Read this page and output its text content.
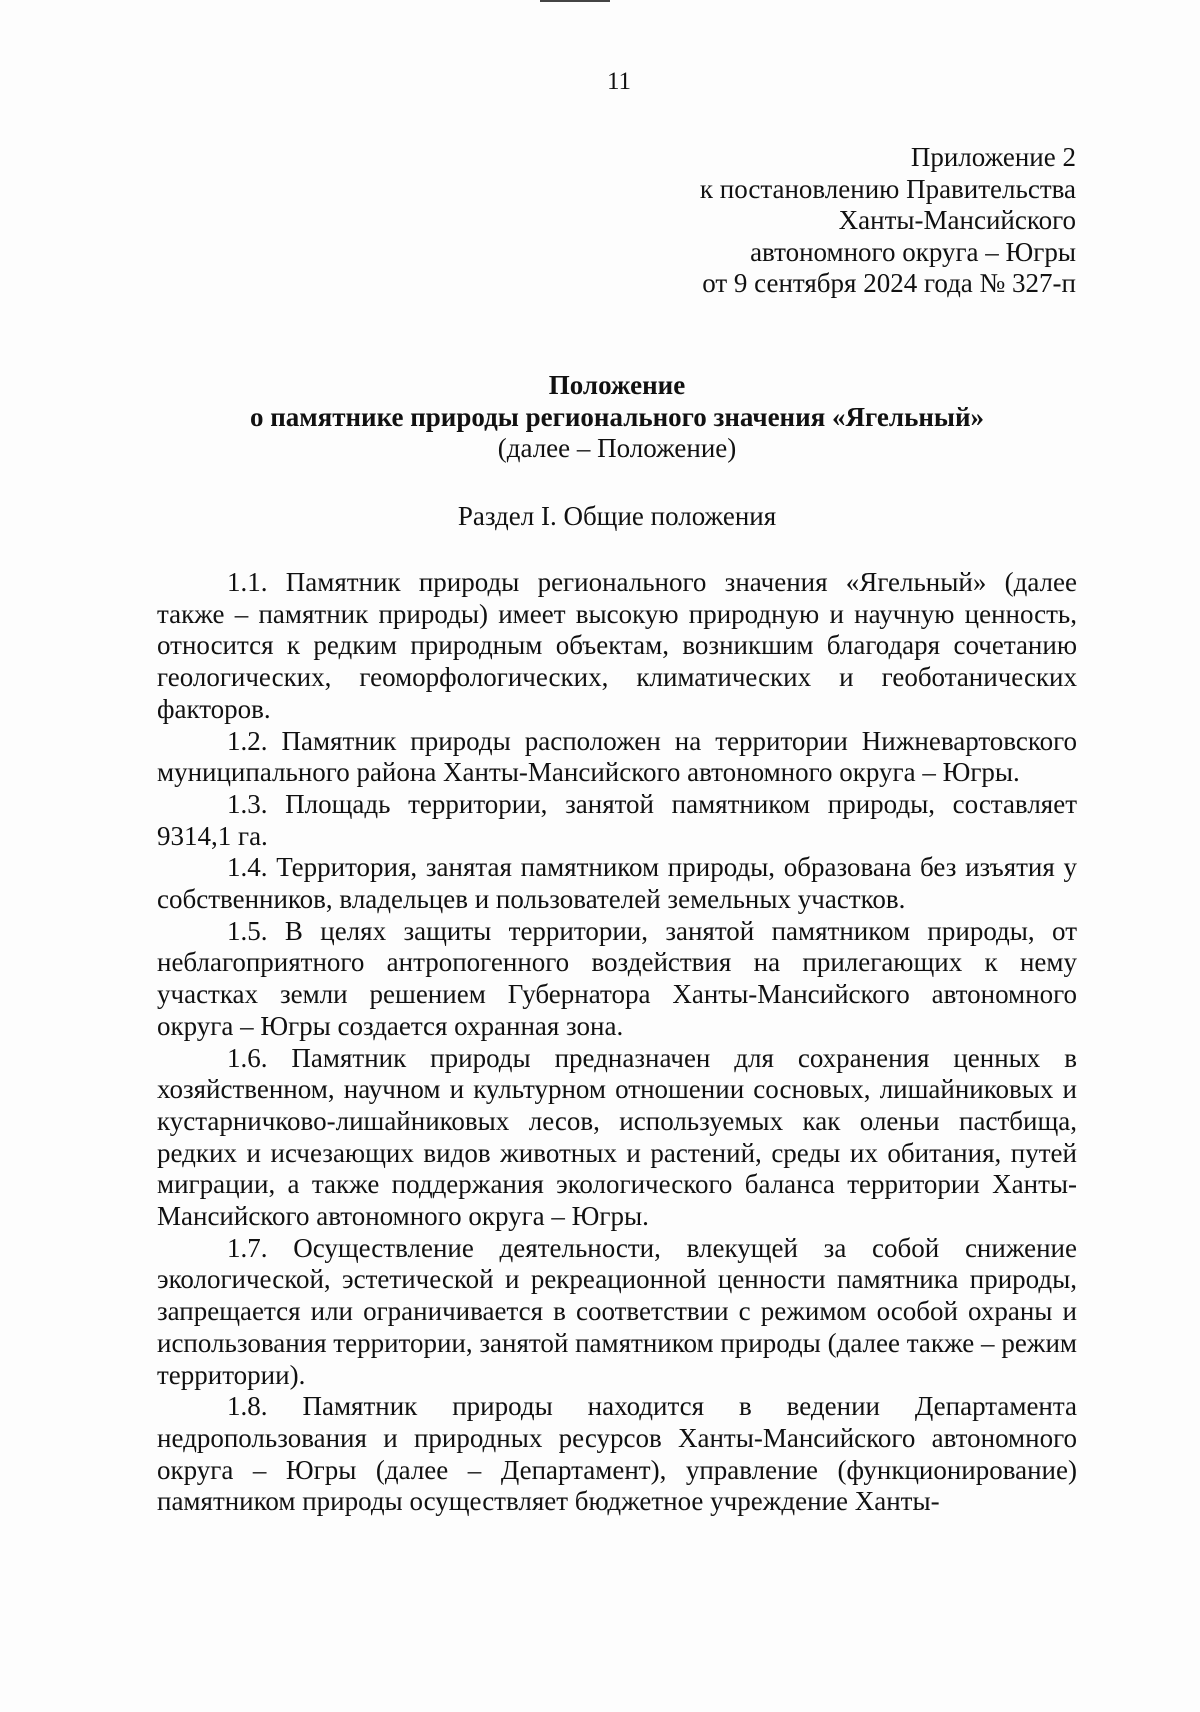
11
Приложение 2
к постановлению Правительства
Ханты-Мансийского
автономного округа – Югры
от 9 сентября 2024 года № 327-п
Положение
о памятнике природы регионального значения «Ягельный»
(далее – Положение)
Раздел I. Общие положения

1.1. Памятник природы регионального значения «Ягельный» (далее также – памятник природы) имеет высокую природную и научную ценность, относится к редким природным объектам, возникшим благодаря сочетанию геологических, геоморфологических, климатических и геоботанических факторов.

1.2. Памятник природы расположен на территории Нижневартовского муниципального района Ханты-Мансийского автономного округа – Югры.

1.3. Площадь территории, занятой памятником природы, составляет 9314,1 га.

1.4. Территория, занятая памятником природы, образована без изъятия у собственников, владельцев и пользователей земельных участков.

1.5. В целях защиты территории, занятой памятником природы, от неблагоприятного антропогенного воздействия на прилегающих к нему участках земли решением Губернатора Ханты-Мансийского автономного округа – Югры создается охранная зона.

1.6. Памятник природы предназначен для сохранения ценных в хозяйственном, научном и культурном отношении сосновых, лишайниковых и кустарничково-лишайниковых лесов, используемых как оленьи пастбища, редких и исчезающих видов животных и растений, среды их обитания, путей миграции, а также поддержания экологического баланса территории Ханты-Мансийского автономного округа – Югры.

1.7. Осуществление деятельности, влекущей за собой снижение экологической, эстетической и рекреационной ценности памятника природы, запрещается или ограничивается в соответствии с режимом особой охраны и использования территории, занятой памятником природы (далее также – режим территории).

1.8. Памятник природы находится в ведении Департамента недропользования и природных ресурсов Ханты-Мансийского автономного округа – Югры (далее – Департамент), управление (функционирование) памятником природы осуществляет бюджетное учреждение Ханты-
